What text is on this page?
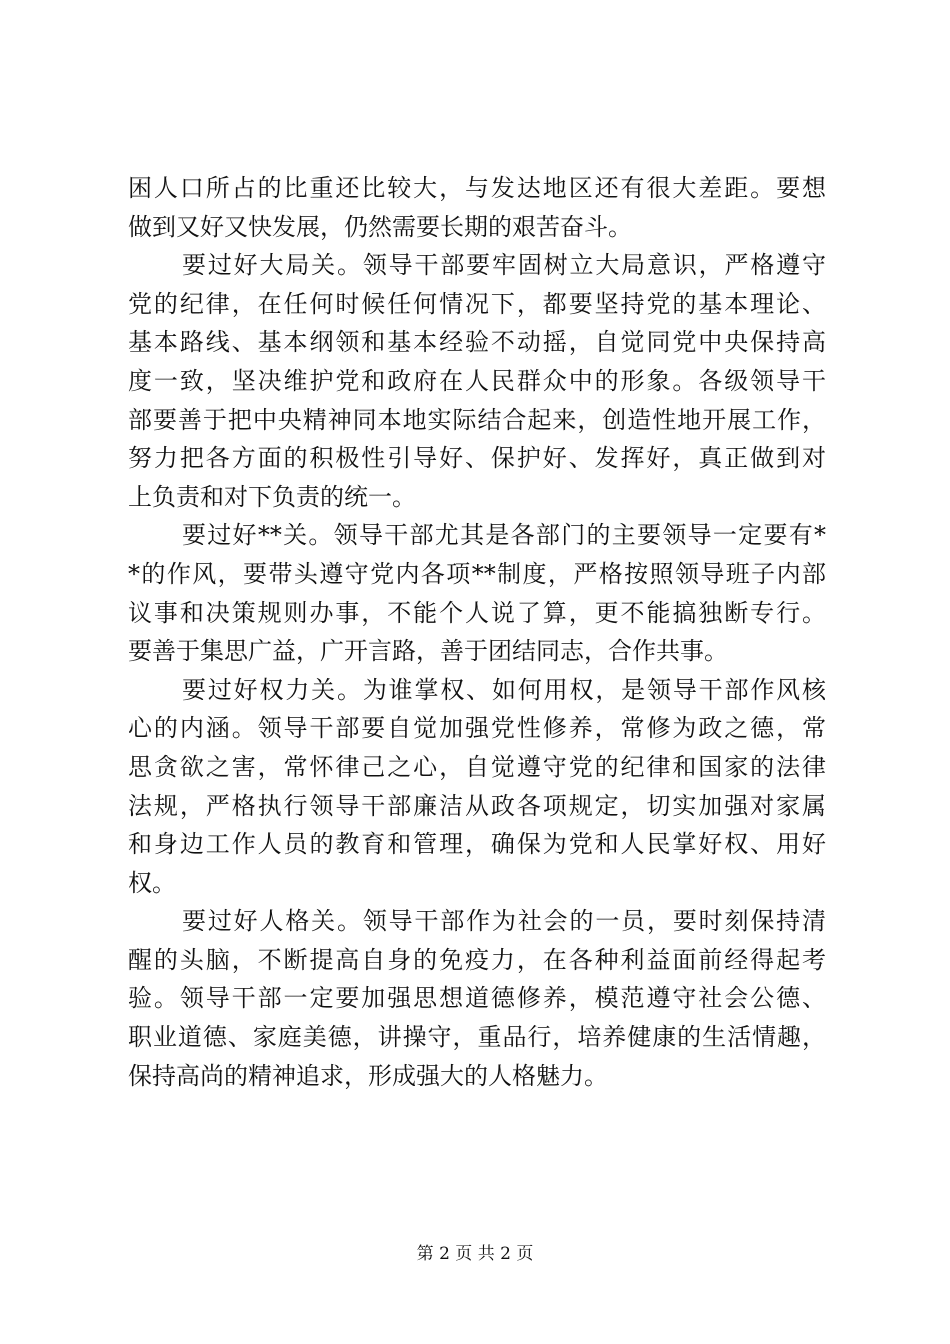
困人口所占的比重还比较大，与发达地区还有很大差距。要想
做到又好又快发展，仍然需要长期的艰苦奋斗。
要过好大局关。领导干部要牢固树立大局意识，严格遵守
党的纪律，在任何时候任何情况下，都要坚持党的基本理论、
基本路线、基本纲领和基本经验不动摇，自觉同党中央保持高
度一致，坚决维护党和政府在人民群众中的形象。各级领导干
部要善于把中央精神同本地实际结合起来，创造性地开展工作，
努力把各方面的积极性引导好、保护好、发挥好，真正做到对
上负责和对下负责的统一。
要过好**关。领导干部尤其是各部门的主要领导一定要有*
*的作风，要带头遵守党内各项**制度，严格按照领导班子内部
议事和决策规则办事，不能个人说了算，更不能搞独断专行。
要善于集思广益，广开言路，善于团结同志，合作共事。
要过好权力关。为谁掌权、如何用权，是领导干部作风核
心的内涵。领导干部要自觉加强党性修养，常修为政之德，常
思贪欲之害，常怀律己之心，自觉遵守党的纪律和国家的法律
法规，严格执行领导干部廉洁从政各项规定，切实加强对家属
和身边工作人员的教育和管理，确保为党和人民掌好权、用好
权。
要过好人格关。领导干部作为社会的一员，要时刻保持清
醒的头脑，不断提高自身的免疫力，在各种利益面前经得起考
验。领导干部一定要加强思想道德修养，模范遵守社会公德、
职业道德、家庭美德，讲操守，重品行，培养健康的生活情趣，
保持高尚的精神追求，形成强大的人格魅力。
第 2 页 共 2 页
